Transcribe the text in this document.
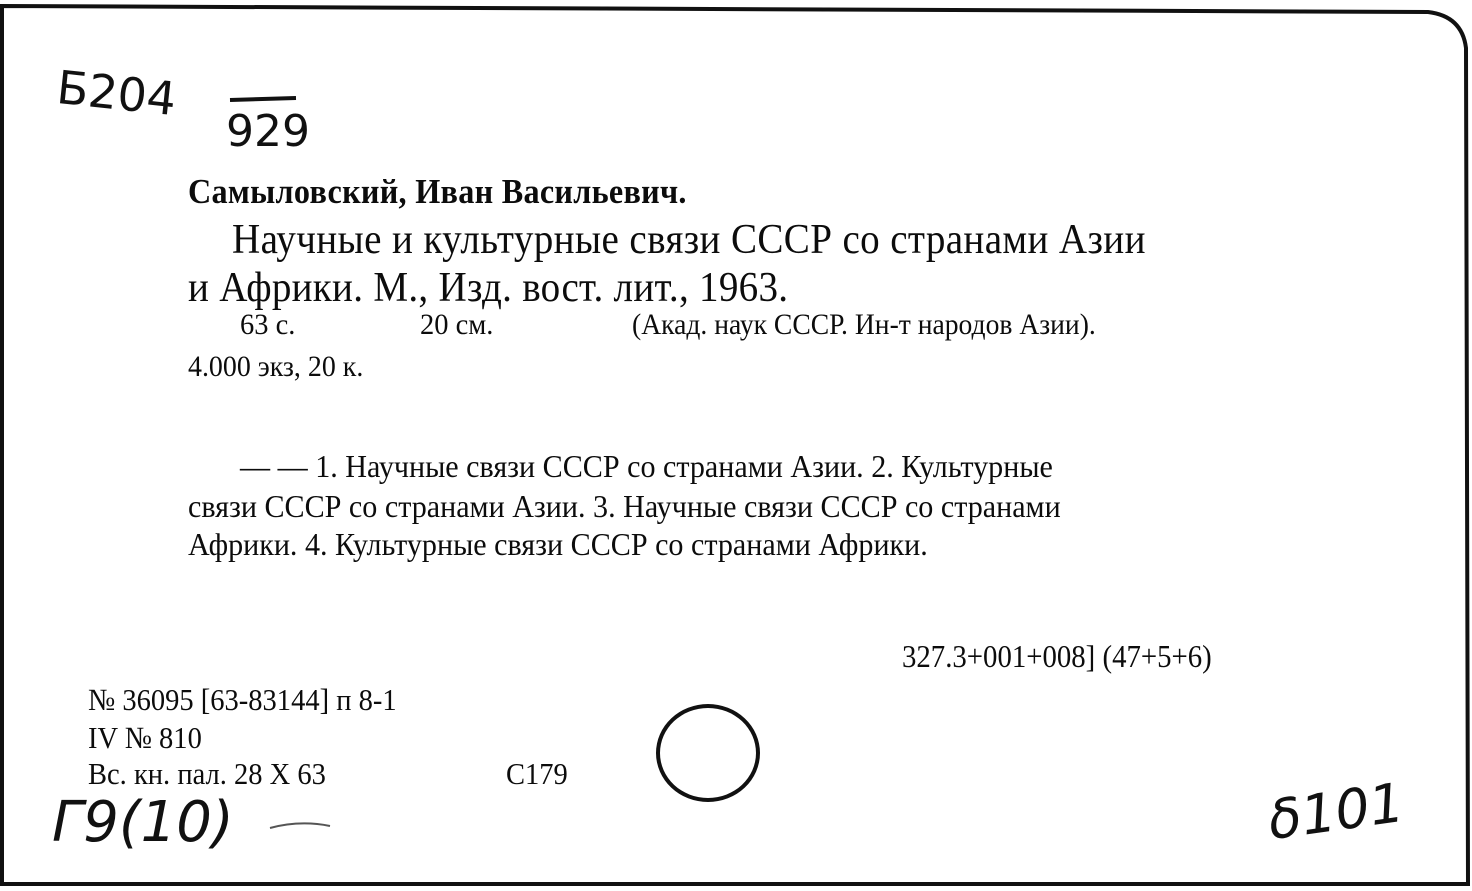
Б204
929
Самыловский, Иван Васильевич.
Научные и культурные связи СССР со странами Азии
и Африки. М., Изд. вост. лит., 1963.
63 с.	20 см.	(Акад. наук СССР. Ин-т народов Азии).
4.000 экз, 20 к.
— — 1. Научные связи СССР со странами Азии. 2. Культурные
связи СССР со странами Азии. 3. Научные связи СССР со странами
Африки. 4. Культурные связи СССР со странами Африки.
327.3+001+008] (47+5+6)
№ 36095 [63-83144] п 8-1
IV № 810
Вс. кн. пал. 28 X 63	С179
Г9(10)	δ101
